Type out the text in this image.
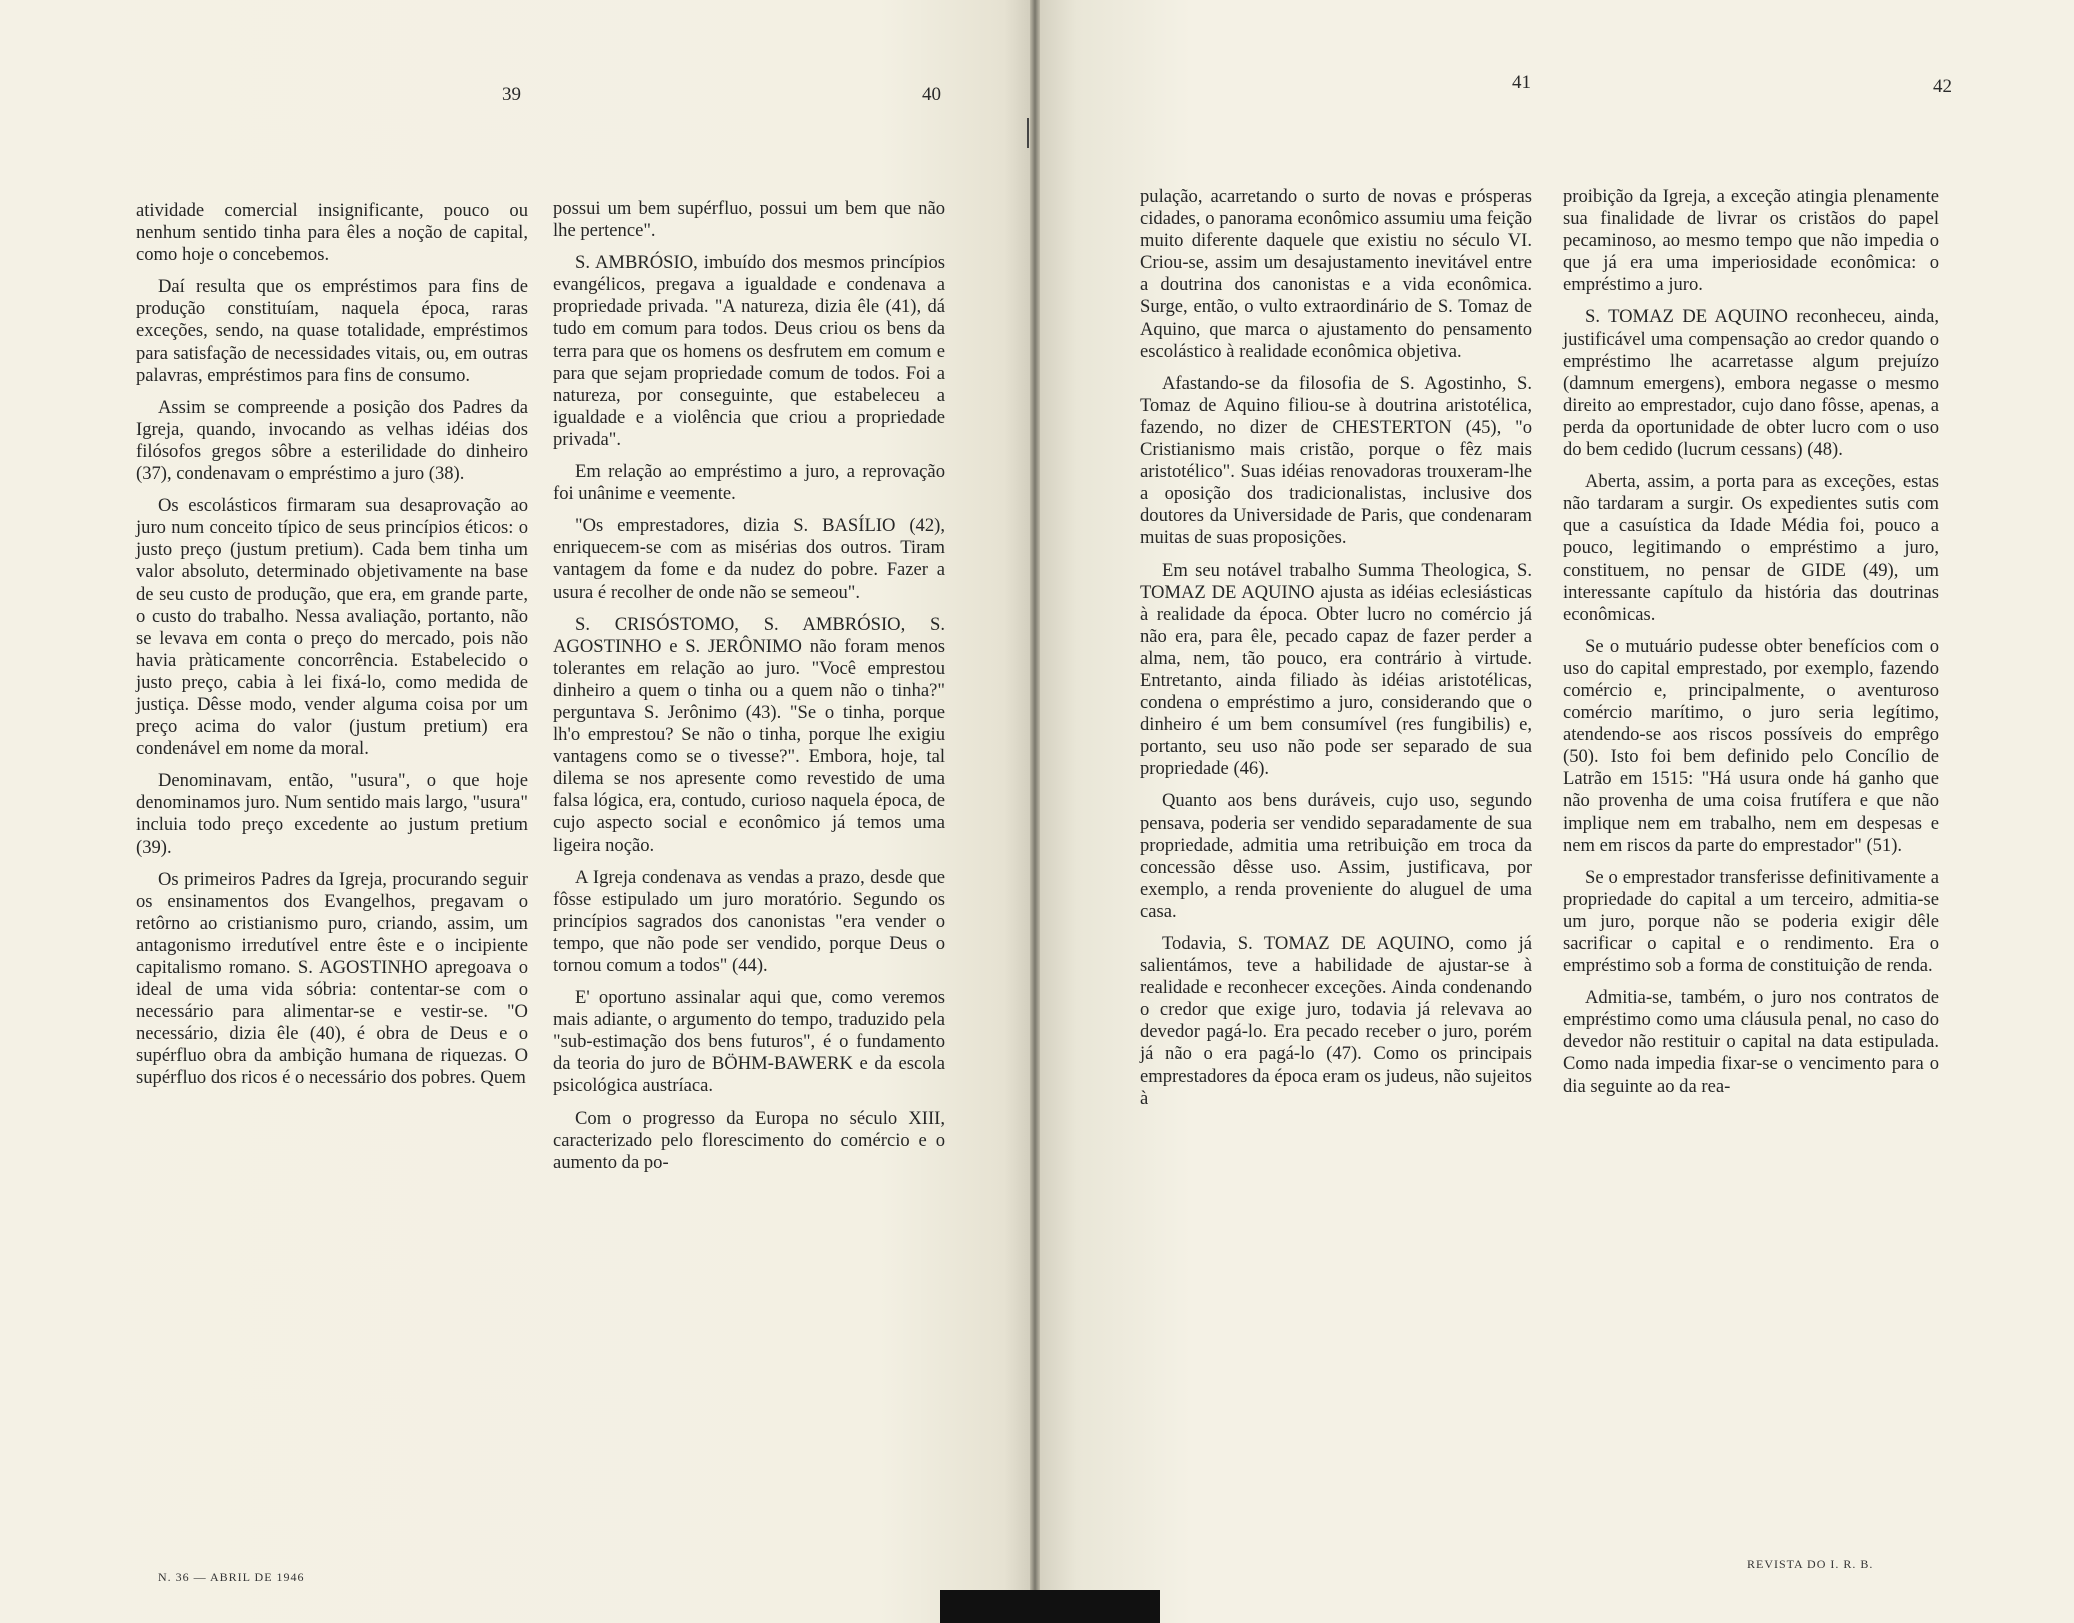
39	40
41	42

atividade comercial insignificante, pouco ou nenhum sentido tinha para êles a noção de capital, como hoje o concebemos.

Daí resulta que os empréstimos para fins de produção constituíam, naquela época, raras exceções, sendo, na quase totalidade, empréstimos para satisfação de necessidades vitais, ou, em outras palavras, empréstimos para fins de consumo.

Assim se compreende a posição dos Padres da Igreja, quando, invocando as velhas idéias dos filósofos gregos sôbre a esterilidade do dinheiro (37), condenavam o empréstimo a juro (38).

Os escolásticos firmaram sua desaprovação ao juro num conceito típico de seus princípios éticos: o justo preço (justum pretium). Cada bem tinha um valor absoluto, determinado objetivamente na base de seu custo de produção, que era, em grande parte, o custo do trabalho. Nessa avaliação, portanto, não se levava em conta o preço do mercado, pois não havia pràticamente concorrência. Estabelecido o justo preço, cabia à lei fixá-lo, como medida de justiça. Dêsse modo, vender alguma coisa por um preço acima do valor (justum pretium) era condenável em nome da moral.

Denominavam, então, "usura", o que hoje denominamos juro. Num sentido mais largo, "usura" incluia todo preço excedente ao justum pretium (39).

Os primeiros Padres da Igreja, procurando seguir os ensinamentos dos Evangelhos, pregavam o retôrno ao cristianismo puro, criando, assim, um antagonismo irredutível entre êste e o incipiente capitalismo romano. S. AGOSTINHO apregoava o ideal de uma vida sóbria: contentar-se com o necessário para alimentar-se e vestir-se. "O necessário, dizia êle (40), é obra de Deus e o supérfluo obra da ambição humana de riquezas. O supérfluo dos ricos é o necessário dos pobres. Quem

possui um bem supérfluo, possui um bem que não lhe pertence".

S. AMBRÓSIO, imbuído dos mesmos princípios evangélicos, pregava a igualdade e condenava a propriedade privada. "A natureza, dizia êle (41), dá tudo em comum para todos. Deus criou os bens da terra para que os homens os desfrutem em comum e para que sejam propriedade comum de todos. Foi a natureza, por conseguinte, que estabeleceu a igualdade e a violência que criou a propriedade privada".

Em relação ao empréstimo a juro, a reprovação foi unânime e veemente.

"Os emprestadores, dizia S. BASÍLIO (42), enriquecem-se com as misérias dos outros. Tiram vantagem da fome e da nudez do pobre. Fazer a usura é recolher de onde não se semeou".

S. CRISÓSTOMO, S. AMBRÓSIO, S. AGOSTINHO e S. JERÔNIMO não foram menos tolerantes em relação ao juro. "Você emprestou dinheiro a quem o tinha ou a quem não o tinha?" perguntava S. Jerônimo (43). "Se o tinha, porque lh'o emprestou? Se não o tinha, porque lhe exigiu vantagens como se o tivesse?". Embora, hoje, tal dilema se nos apresente como revestido de uma falsa lógica, era, contudo, curioso naquela época, de cujo aspecto social e econômico já temos uma ligeira noção.

A Igreja condenava as vendas a prazo, desde que fôsse estipulado um juro moratório. Segundo os princípios sagrados dos canonistas "era vender o tempo, que não pode ser vendido, porque Deus o tornou comum a todos" (44).

E' oportuno assinalar aqui que, como veremos mais adiante, o argumento do tempo, traduzido pela "sub-estimação dos bens futuros", é o fundamento da teoria do juro de BÖHM-BAWERK e da escola psicológica austríaca.

Com o progresso da Europa no século XIII, caracterizado pelo florescimento do comércio e o aumento da po-

pulação, acarretando o surto de novas e prósperas cidades, o panorama econômico assumiu uma feição muito diferente daquele que existiu no século VI. Criou-se, assim um desajustamento inevitável entre a doutrina dos canonistas e a vida econômica. Surge, então, o vulto extraordinário de S. Tomaz de Aquino, que marca o ajustamento do pensamento escolástico à realidade econômica objetiva.

Afastando-se da filosofia de S. Agostinho, S. Tomaz de Aquino filiou-se à doutrina aristotélica, fazendo, no dizer de CHESTERTON (45), "o Cristianismo mais cristão, porque o fêz mais aristotélico". Suas idéias renovadoras trouxeram-lhe a oposição dos tradicionalistas, inclusive dos doutores da Universidade de Paris, que condenaram muitas de suas proposições.

Em seu notável trabalho Summa Theologica, S. TOMAZ DE AQUINO ajusta as idéias eclesiásticas à realidade da época. Obter lucro no comércio já não era, para êle, pecado capaz de fazer perder a alma, nem, tão pouco, era contrário à virtude. Entretanto, ainda filiado às idéias aristotélicas, condena o empréstimo a juro, considerando que o dinheiro é um bem consumível (res fungibilis) e, portanto, seu uso não pode ser separado de sua propriedade (46).

Quanto aos bens duráveis, cujo uso, segundo pensava, poderia ser vendido separadamente de sua propriedade, admitia uma retribuição em troca da concessão dêsse uso. Assim, justificava, por exemplo, a renda proveniente do aluguel de uma casa.

Todavia, S. TOMAZ DE AQUINO, como já salientámos, teve a habilidade de ajustar-se à realidade e reconhecer exceções. Ainda condenando o credor que exige juro, todavia já relevava ao devedor pagá-lo. Era pecado receber o juro, porém já não o era pagá-lo (47). Como os principais emprestadores da época eram os judeus, não sujeitos à

proibição da Igreja, a exceção atingia plenamente sua finalidade de livrar os cristãos do papel pecaminoso, ao mesmo tempo que não impedia o que já era uma imperiosidade econômica: o empréstimo a juro.

S. TOMAZ DE AQUINO reconheceu, ainda, justificável uma compensação ao credor quando o empréstimo lhe acarretasse algum prejuízo (damnum emergens), embora negasse o mesmo direito ao emprestador, cujo dano fôsse, apenas, a perda da oportunidade de obter lucro com o uso do bem cedido (lucrum cessans) (48).

Aberta, assim, a porta para as exceções, estas não tardaram a surgir. Os expedientes sutis com que a casuística da Idade Média foi, pouco a pouco, legitimando o empréstimo a juro, constituem, no pensar de GIDE (49), um interessante capítulo da história das doutrinas econômicas.

Se o mutuário pudesse obter benefícios com o uso do capital emprestado, por exemplo, fazendo comércio e, principalmente, o aventuroso comércio marítimo, o juro seria legítimo, atendendo-se aos riscos possíveis do emprêgo (50). Isto foi bem definido pelo Concílio de Latrão em 1515: "Há usura onde há ganho que não provenha de uma coisa frutífera e que não implique nem em trabalho, nem em despesas e nem em riscos da parte do emprestador" (51).

Se o emprestador transferisse definitivamente a propriedade do capital a um terceiro, admitia-se um juro, porque não se poderia exigir dêle sacrificar o capital e o rendimento. Era o empréstimo sob a forma de constituição de renda.

Admitia-se, também, o juro nos contratos de empréstimo como uma cláusula penal, no caso do devedor não restituir o capital na data estipulada. Como nada impedia fixar-se o vencimento para o dia seguinte ao da rea-

N. 36 — ABRIL DE 1946
REVISTA DO I. R. B.
